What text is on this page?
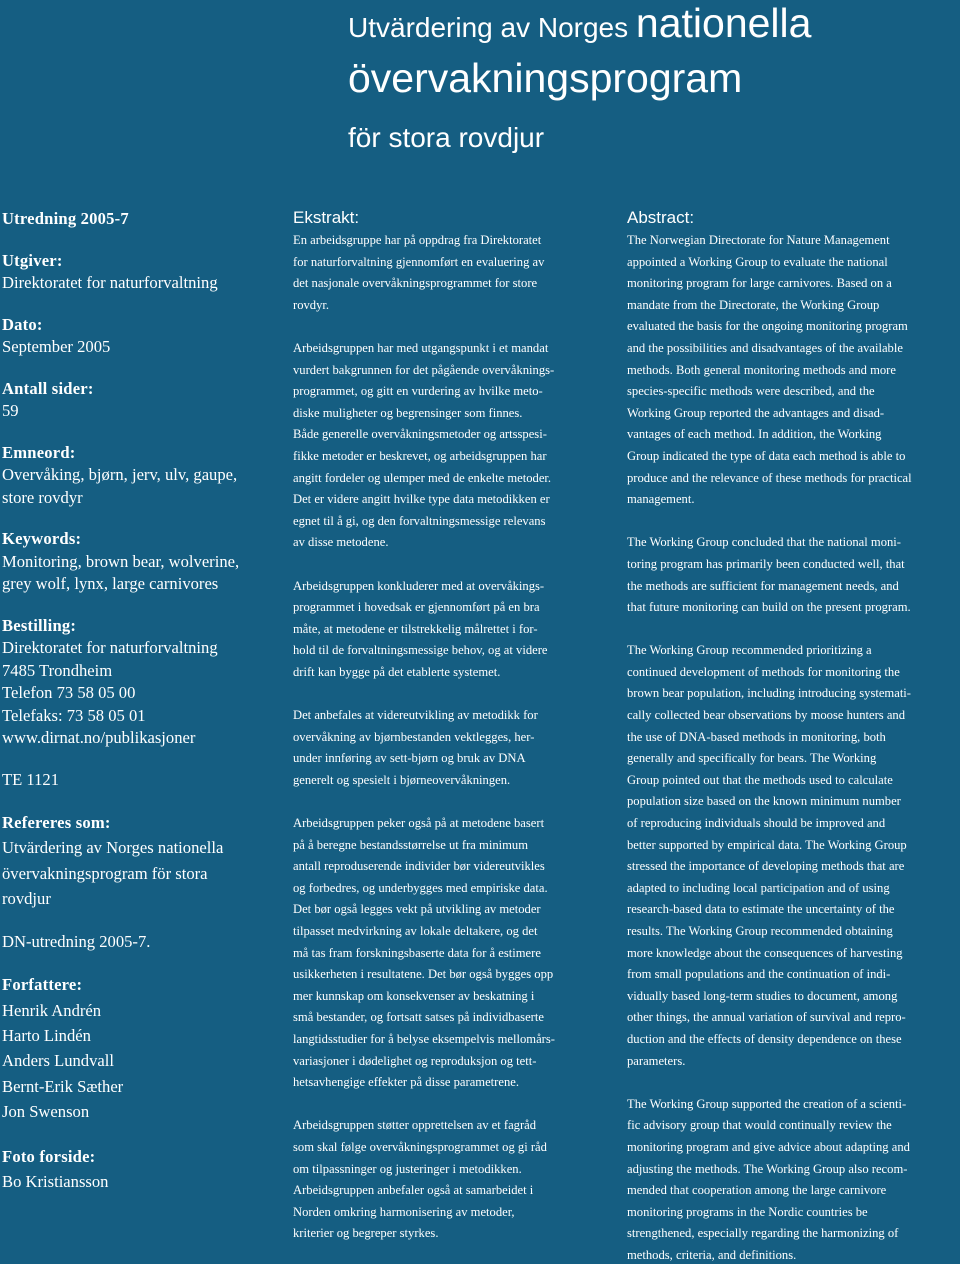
Utvärdering av Norges nationella
övervakningsprogram
för stora rovdjur
Utredning 2005-7
Utgiver:
Direktoratet for naturforvaltning
Dato:
September 2005
Antall sider:
59
Emneord:
Overvåking, bjørn, jerv, ulv, gaupe,
store rovdyr
Keywords:
Monitoring, brown bear, wolverine,
grey wolf, lynx, large carnivores
Bestilling:
Direktoratet for naturforvaltning
7485 Trondheim
Telefon 73 58 05 00
Telefaks: 73 58 05 01
www.dirnat.no/publikasjoner
TE 1121
Refereres som:
Utvärdering av Norges nationella
övervakningsprogram för stora
rovdjur
DN-utredning 2005-7.
Forfattere:
Henrik Andrén
Harto Lindén
Anders Lundvall
Bernt-Erik Sæther
Jon Swenson
Foto forside:
Bo Kristiansson
Ekstrakt:
En arbeidsgruppe har på oppdrag fra Direktoratet
for naturforvaltning gjennomført en evaluering av
det nasjonale overvåkningsprogrammet for store
rovdyr.
Arbeidsgruppen har med utgangspunkt i et mandat
vurdert bakgrunnen for det pågående overvåknings-
programmet, og gitt en vurdering av hvilke meto-
diske muligheter og begrensinger som finnes.
Både generelle overvåkningsmetoder og artsspesi-
fikke metoder er beskrevet, og arbeidsgruppen har
angitt fordeler og ulemper med de enkelte metoder.
Det er videre angitt hvilke type data metodikken er
egnet til å gi, og den forvaltningsmessige relevans
av disse metodene.
Arbeidsgruppen konkluderer med at overvåkings-
programmet i hovedsak er gjennomført på en bra
måte, at metodene er tilstrekkelig målrettet i for-
hold til de forvaltningsmessige behov, og at videre
drift kan bygge på det etablerte systemet.
Det anbefales at videreutvikling av metodikk for
overvåkning av bjørnbestanden vektlegges, her-
under innføring av sett-bjørn og bruk av DNA
generelt og spesielt i bjørneovervåkningen.
Arbeidsgruppen peker også på at metodene basert
på å beregne bestandsstørrelse ut fra minimum
antall reproduserende individer bør videreutvikles
og forbedres, og underbygges med empiriske data.
Det bør også legges vekt på utvikling av metoder
tilpasset medvirkning av lokale deltakere, og det
må tas fram forskningsbaserte data for å estimere
usikkerheten i resultatene. Det bør også bygges opp
mer kunnskap om konsekvenser av beskatning i
små bestander, og fortsatt satses på individbaserte
langtidsstudier for å belyse eksempelvis mellomårs-
variasjoner i dødelighet og reproduksjon og tett-
hetsavhengige effekter på disse parametrene.
Arbeidsgruppen støtter opprettelsen av et fagråd
som skal følge overvåkningsprogrammet og gi råd
om tilpassninger og justeringer i metodikken.
Arbeidsgruppen anbefaler også at samarbeidet i
Norden omkring harmonisering av metoder,
kriterier og begreper styrkes.
Abstract:
The Norwegian Directorate for Nature Management
appointed a Working Group to evaluate the national
monitoring program for large carnivores. Based on a
mandate from the Directorate, the Working Group
evaluated the basis for the ongoing monitoring program
and the possibilities and disadvantages of the available
methods. Both general monitoring methods and more
species-specific methods were described, and the
Working Group reported the advantages and disad-
vantages of each method. In addition, the Working
Group indicated the type of data each method is able to
produce and the relevance of these methods for practical
management.
The Working Group concluded that the national moni-
toring program has primarily been conducted well, that
the methods are sufficient for management needs, and
that future monitoring can build on the present program.
The Working Group recommended prioritizing a
continued development of methods for monitoring the
brown bear population, including introducing systemati-
cally collected bear observations by moose hunters and
the use of DNA-based methods in monitoring, both
generally and specifically for bears. The Working
Group pointed out that the methods used to calculate
population size based on the known minimum number
of reproducing individuals should be improved and
better supported by empirical data. The Working Group
stressed the importance of developing methods that are
adapted to including local participation and of using
research-based data to estimate the uncertainty of the
results. The Working Group recommended obtaining
more knowledge about the consequences of harvesting
from small populations and the continuation of indi-
vidually based long-term studies to document, among
other things, the annual variation of survival and repro-
duction and the effects of density dependence on these
parameters.
The Working Group supported the creation of a scienti-
fic advisory group that would continually review the
monitoring program and give advice about adapting and
adjusting the methods. The Working Group also recom-
mended that cooperation among the large carnivore
monitoring programs in the Nordic countries be
strengthened, especially regarding the harmonizing of
methods, criteria, and definitions.
